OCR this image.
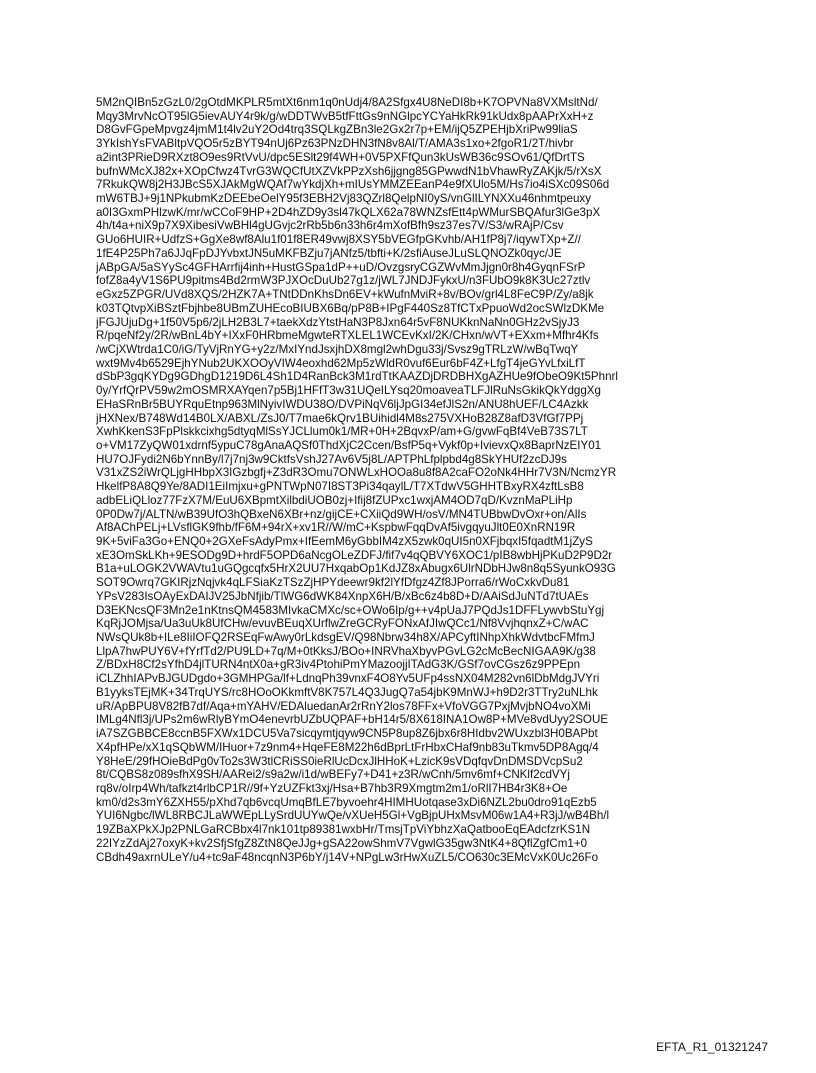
5M2nQIBn5zGzL0/2gOtdMKPLR5mtXt6nm1q0nUdj4/8A2Sfgx4U8NeDI8b+K7OPVNa8VXMsltNd/
Mqy3MrvNcOT95lG5ievAUY4r9k/g/wDDTWvB5tfFttGs9nNGlpcYCYaHkRk91kUdx8pAAPrXxH+z
D8GvFGpeMpvgz4jmM1t4lv2uY2Od4trq3SQLkgZBn3le2Gx2r7p+EM/ijQ5ZPEHjbXriPw99liaS
3YkIshYsFVABltpVQO5r5zBYT94nUj6Pz63PNzDHN3fN8v8Al/T/AMA3s1xo+2fgoR1/2T/hivbr
a2int3PRieD9RXzt8O9es9RtVvU/dpc5ESlt29f4WH+0V5PXFfQun3kUsWB36c9SOv61/QfDrtTS
bufnWMcXJ82x+XOpCfwz4TvrG3WQCfUtXZVkPPzXsh6jjgng85GPwwdN1bVhawRyZAKjk/5/rXsX
7RkukQW8j2H3JBcS5XJAkMgWQAf7wYkdjXh+mIUsYMMZEEanP4e9fXUlo5M/Hs7io4iSXc09S06d
mW6TBJ+9j1NPkubmKzDEEbeOelY95f3EBH2Vj83QZrl8QelpNI0yS/vnGlILYNXXu46nhmtpeuxy
a0I3GxmPHlzwK/mr/wCCoF9HP+2D4hZD9y3sl47kQLX62a78WNZsfEtt4pWMurSBQAfur3lGe3pX
4h/t4a+niX9p7X9XibesiVwBHl4gUGvjc2rRb5b6n33h6r4mXofBfh9sz37es7V/S3/wRAjP/Csv
GUo6HUIR+UdfzS+GgXe8wf8Alu1f01f8ER49vwj8XSY5bVEGfpGKvhb/AH1fP8j7/iqywTXp+Z//
1fE4P25Ph7a6JJqFpDJYvbxtJN5uMKFBZju7jANfz5/tbfti+K/2sfiAuseJLuSLQNOZk0qyc/JE
jABpGA/5aSYySc4GFHArrfij4inh+HustGSpa1dP++uD/OvzgsryCGZWvMmJjgn0r8h4GyqnFSrP
fofZ8a4yV1S6PU9pitms4Bd2rmW3PJXOcDuUb27g1z/jWL7JNDJFykxU/n3FUbO9k8K3Uc27ztlv
eGxz5ZPGR/UVd8XQS/2HZK7A+TNtDDnKhsDn6EV+kWufnMviR+8v/BOv/grl4L8FeC9P/Zy/a8jk
k03TQtvpXiBSztFbjhbe8UBmZUHEcoBIUBX6Bq/pP8B+IPgF440Sz8TfCTxPpuoWd2ocSWlzDKMe
jFGJUjuDg+1f50V5p6/2jLH2B3L7+taekXdzYtstHaN3P8Jxn64r5vF8NUKknNaNn0GHz2vSjyJ3
R/pqeNf2y/2R/wBnL4bY+IXxF0HRbmeMgwteRTXLEL1WCEvKxI/2K/CHxn/wVT+EXxm+Mfhr4Kfs
/wCjXWtrda1C0/iG/TyVjRnYG+y2z/MxIYndJsxjhDX8mgl2whDgu33j/Svsz9gTRLzW/wBqTwqY
wxt9Mv4b6529EjhYNub2UKXOOyVIW4eoxhd62Mp5zWldR0vuf6Eur6bF4Z+LfgT4jeGYvLfxiLfT
dSbP3gqKYDg9GDhgD1219D6L4Sh1D4RanBck3M1rdTtKAAZDjDRDBHXgAZHUe9fObeO9Kt5Phnrl
0y/YrfQrPV59w2mOSMRXAYqen7p5Bj1HFfT3w31UQeILYsq20moaveaTLFJlRuNsGkikQkYdggXg
EHaSRnBr5BUYRquEtnp963MlNyivIWDU38O/DVPiNqV6ljJpGI34efJlS2n/ANU8hUEF/LC4Azkk
jHXNex/B748Wd14B0LX/ABXL/ZsJ0/T7mae6kQrv1BUihidl4M8s275VXHoB28Z8afD3VfGf7PPj
XwhKkenS3FpPlskkcixhg5dtyqMlSsYJCLlum0k1/MR+0H+2BqvxP/am+G/gvwFqBf4VeB73S7LT
o+VM17ZyQW01xdrnf5ypuC78gAnaAQSf0ThdXjC2Ccen/BsfP5q+Vykf0p+IvievxQx8BaprNzEIY01
HU7OJFydi2N6bYnnBy/l7j7nj3w9CktfsVshJ27Av6V5j8L/APTPhLfplpbd4g8SkYHUf2zcDJ9s
V31xZS2iWrQLjgHHbpX3IGzbgfj+Z3dR3Omu7ONWLxHOOa8u8f8A2caFO2oNk4HHr7V3N/NcmzYR
HkelfP8A8Q9Ye/8ADI1EiImjxu+gPNTWpN07I8ST3Pi34qaylL/T7XTdwV5GHHTBxyRX4zftLsB8
adbELiQLloz77FzX7M/EuU6XBpmtXilbdiUOB0zj+Ifij8fZUPxc1wxjAM4OD7qD/KvznMaPLiHp
0P0Dw7j/ALTN/wB39UfO3hQBxeN6XBr+nz/gijCE+CXiiQd9WH/osV/MN4TUBbwDvOxr+on/AlIs
Af8AChPELj+LVsflGK9fhb/fF6M+94rX+xv1R//W/mC+KspbwFqqDvAf5ivgqyuJlt0E0XnRN19R
9K+5viFa3Go+ENQ0+2GXeFsAdyPmx+IfEemM6yGbbIM4zX5zwk0qUI5n0XFjbqxI5fqadtM1jZyS
xE3OmSkLKh+9ESODg9D+hrdF5OPD6aNcgOLeZDFJ/fif7v4qQBVY6XOC1/pIB8wbHjPKuD2P9D2r
B1a+uLOGK2VWAVtu1uGQgcqfx5HrX2UU7HxqabOp1KdJZ8xAbugx6UlrNDbHJw8n8q5SyunkO93G
SOT9Owrq7GKIRjzNqjvk4qLFSiaKzTSzZjHPYdeewr9kf2lYfDfgz4Zf8JPorra6/rWoCxkvDu81
YPsV283IsOAyExDAIJV25JbNfjib/TlWG6dWK84XnpX6H/B/xBc6z4b8D+D/AAiSdJuNTd7tUAEs
D3EKNcsQF3Mn2e1nKtnsQM4583MIvkaCMXc/sc+OWo6Ip/g++v4pUaJ7PQdJs1DFFLywvbStuYgj
KqRjJOMjsa/Ua3uUk8UfCHw/evuvBEuqXUrflwZreGCRyFONxAfJIwQCc1/Nf8VvjhqnxZ+C/wAC
NWsQUk8b+ILe8IiIOFQ2RSEqFwAwy0rLkdsgEV/Q98Nbrw34h8X/APCyftINhpXhkWdvtbcFMfmJ
LlpA7hwPUY6V+fYrfTd2/PU9LD+7q/M+0tKksJ/BOo+INRVhaXbyvPGvLG2cMcBecNIGAA9K/g38
Z/BDxH8Cf2sYfhD4jlTURN4ntX0a+gR3iv4PtohiPmYMazoojjITAdG3K/GSf7ovCGsz6z9PPEpn
iCLZhhIAPvBJGUDgdo+3GMHPGa/lf+LdnqPh39vnxF4O8Yv5UFp4ssNX04M282vn6lDbMdgJVYri
B1yyksTEjMK+34TrqUYS/rc8HOoOKkmftV8K757L4Q3JugQ7a54jbK9MnWJ+h9D2r3TTry2uNLhk
uR/ApBPU8V82fB7df/Aqa+mYAHV/EDAluedanAr2rRnY2los78FFx+VfoVGG7PxjMvjbNO4voXMi
IMLg4Nfl3j/UPs2m6wRlyBYmO4enevrbUZbUQPAF+bH14r5/8X618INA1Ow8P+MVe8vdUyy2SOUE
iA7SZGBBCE8ccnB5FXWx1DCU5Va7sicqymtjqyw9CN5P8up8Z6jbx6r8HIdbv2WUxzbl3H0BAPbt
X4pfHPe/xX1qSQbWM/IHuor+7z9nm4+HqeFE8M22h6dBprLtFrHbxCHaf9nb83uTkmv5DP8Agq/4
Y8HeE/29fHOieBdPg0vTo2s3W3tlCRiSS0ieRlUcDcxJlHHoK+LzicK9sVDqfqvDnDMSDVcpSu2
8t/CQBS8z089sfhX9SH/AARei2/s9a2w/i1d/wBEFy7+D41+z3R/wCnh/5mv6mf+CNKlf2cdVYj
rq8v/oIrp4Wh/tafkzt4rlbCP1R//9f+YzUZFkt3xj/Hsa+B7hb3R9Xmgtm2m1/oRlI7HB4r3K8+Oe
km0/d2s3mY6ZXH55/pXhd7qb6vcqUmqBfLE7byvoehr4HIMHUotqase3xDi6NZL2bu0dro91qEzb5
YUI6Ngbc/lWL8RBCJLaWWEpLLySrdUUYwQe/vXUeH5Gl+VgBjpUHxMsvM06w1A4+R3jJ/wB4Bh/l
19ZBaXPkXJp2PNLGaRCBbx4l7nk101tp89381wxbHr/TmsjTpViYbhzXaQatbooEqEAdcfzrKS1N
22IYzZdAj27oxyK+kv2SfjSfgZ8ZtN8QeJJg+gSA22owShmV7VgwlG35gw3NtK4+8QflZgfCm1+0
CBdh49axrnULeY/u4+tc9aF48ncqnN3P6bY/j14V+NPgLw3rHwXuZL5/CO630c3EMcVxK0Uc26Fo
EFTA_R1_01321247
